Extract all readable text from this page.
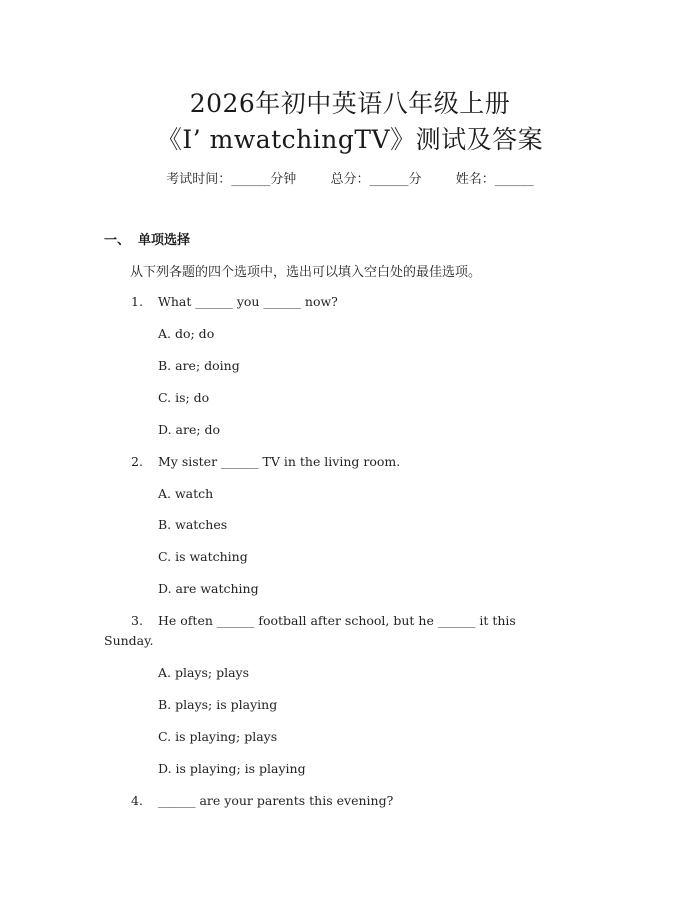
2026年初中英语八年级上册
《I’ mwatchingTV》测试及答案
考试时间：______分钟	总分：______分	姓名：______
一、 单项选择
从下列各题的四个选项中，选出可以填入空白处的最佳选项。
1. What ______ you ______ now?
A. do; do
B. are; doing
C. is; do
D. are; do
2. My sister ______ TV in the living room.
A. watch
B. watches
C. is watching
D. are watching
3. He often ______ football after school, but he ______ it this
Sunday.
A. plays; plays
B. plays; is playing
C. is playing; plays
D. is playing; is playing
4. ______ are your parents this evening?
